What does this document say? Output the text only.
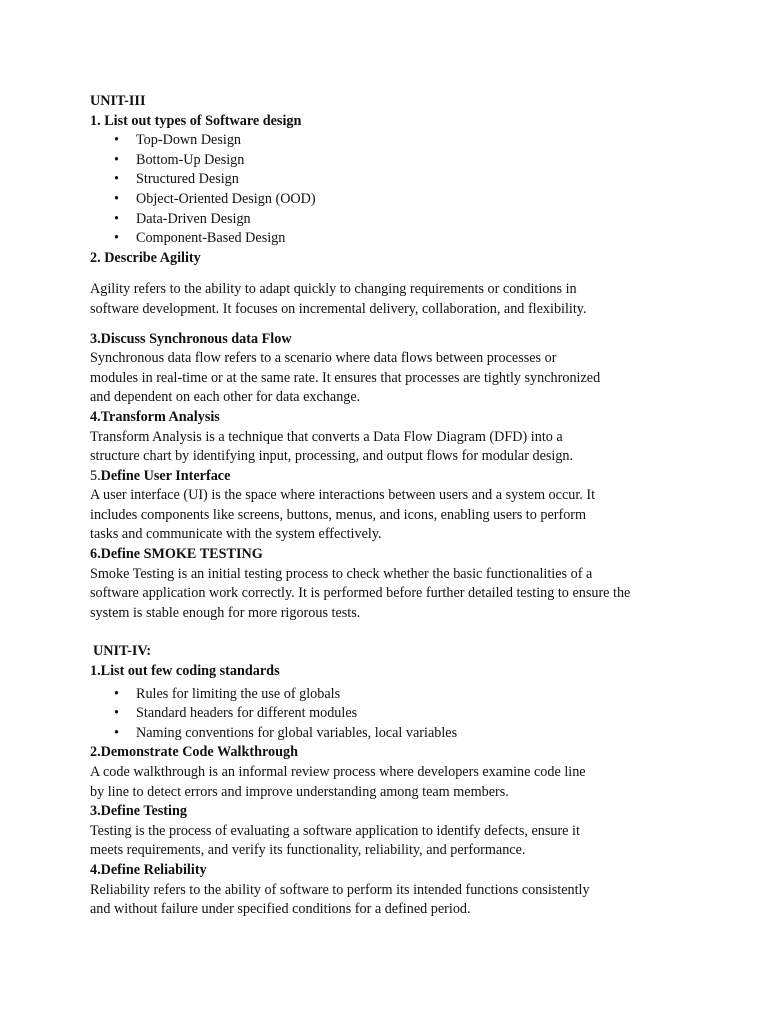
UNIT-III
1. List out types of Software design
• Top-Down Design
• Bottom-Up Design
• Structured Design
• Object-Oriented Design (OOD)
• Data-Driven Design
• Component-Based Design
2. Describe Agility
Agility refers to the ability to adapt quickly to changing requirements or conditions in
software development. It focuses on incremental delivery, collaboration, and flexibility.
3.Discuss Synchronous data Flow
Synchronous data flow refers to a scenario where data flows between processes or
modules in real-time or at the same rate. It ensures that processes are tightly synchronized
and dependent on each other for data exchange.
4.Transform Analysis
Transform Analysis is a technique that converts a Data Flow Diagram (DFD) into a
structure chart by identifying input, processing, and output flows for modular design.
5.Define User Interface
A user interface (UI) is the space where interactions between users and a system occur. It
includes components like screens, buttons, menus, and icons, enabling users to perform
tasks and communicate with the system effectively.
6.Define SMOKE TESTING
Smoke Testing is an initial testing process to check whether the basic functionalities of a
software application work correctly. It is performed before further detailed testing to ensure the
system is stable enough for more rigorous tests.
UNIT-IV:
1.List out few coding standards
• Rules for limiting the use of globals
• Standard headers for different modules
• Naming conventions for global variables, local variables
2.Demonstrate Code Walkthrough
A code walkthrough is an informal review process where developers examine code line
by line to detect errors and improve understanding among team members.
3.Define Testing
Testing is the process of evaluating a software application to identify defects, ensure it
meets requirements, and verify its functionality, reliability, and performance.
4.Define Reliability
Reliability refers to the ability of software to perform its intended functions consistently
and without failure under specified conditions for a defined period.
